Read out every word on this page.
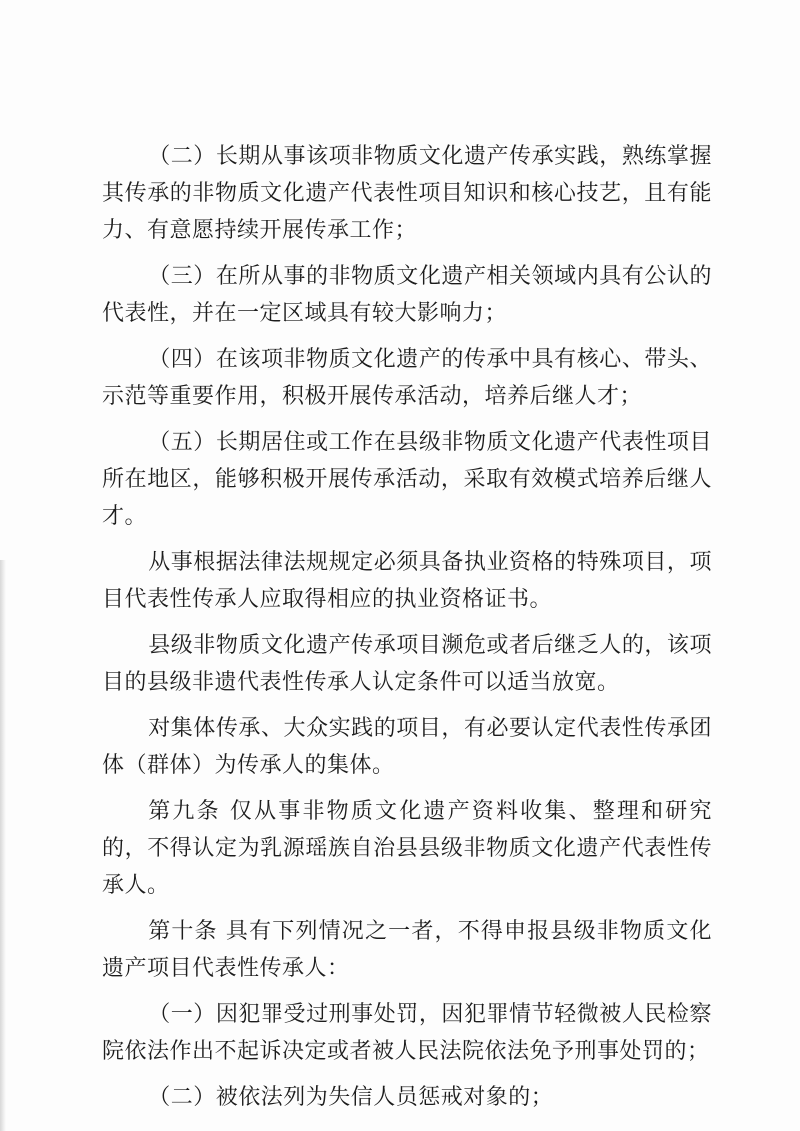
（二）长期从事该项非物质文化遗产传承实践，熟练掌握其传承的非物质文化遗产代表性项目知识和核心技艺，且有能力、有意愿持续开展传承工作；

（三）在所从事的非物质文化遗产相关领域内具有公认的代表性，并在一定区域具有较大影响力；

（四）在该项非物质文化遗产的传承中具有核心、带头、示范等重要作用，积极开展传承活动，培养后继人才；

（五）长期居住或工作在县级非物质文化遗产代表性项目所在地区，能够积极开展传承活动，采取有效模式培养后继人才。

从事根据法律法规规定必须具备执业资格的特殊项目，项目代表性传承人应取得相应的执业资格证书。

县级非物质文化遗产传承项目濒危或者后继乏人的，该项目的县级非遗代表性传承人认定条件可以适当放宽。

对集体传承、大众实践的项目，有必要认定代表性传承团体（群体）为传承人的集体。

第九条 仅从事非物质文化遗产资料收集、整理和研究的，不得认定为乳源瑶族自治县县级非物质文化遗产代表性传承人。

第十条 具有下列情况之一者，不得申报县级非物质文化遗产项目代表性传承人：

（一）因犯罪受过刑事处罚，因犯罪情节轻微被人民检察院依法作出不起诉决定或者被人民法院依法免予刑事处罚的；

（二）被依法列为失信人员惩戒对象的；
